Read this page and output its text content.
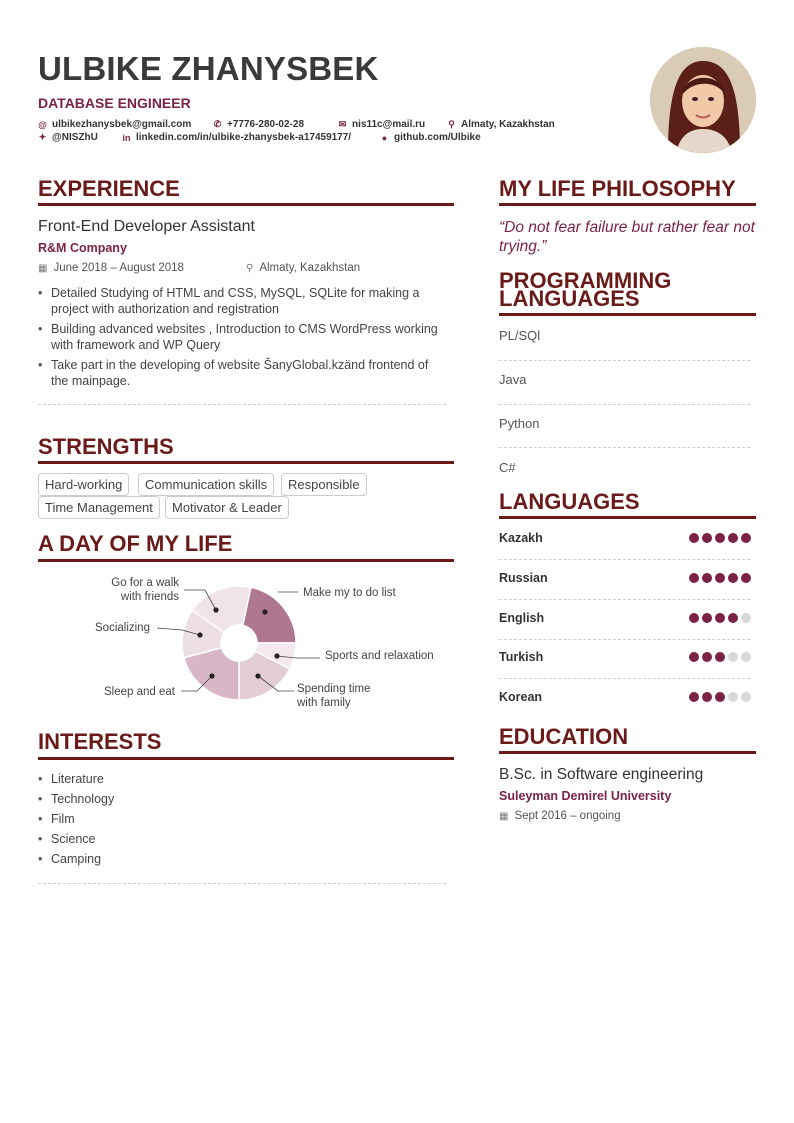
ULBIKE ZHANYSBEK
DATABASE ENGINEER
@ ulbikezhanysbek@gmail.com ✆ +7776-280-02-28	✉ nis11c@mail.ru	⚲ Almaty, Kazakhstan
✦ @NISZhU	in linkedin.com/in/ulbike-zhanysbek-a17459177/	● github.com/Ulbike
EXPERIENCE
Front-End Developer Assistant
R&M Company
▦ June 2018 – August 2018	⚲ Almaty, Kazakhstan
• Detailed Studying of HTML and CSS, MySQL, SQLite for making a project with authorization and registration
• Building advanced websites , Introduction to CMS WordPress working with framework and WP Query
• Take part in the developing of website ŠanyGlobal.kzänd frontend of the mainpage.
STRENGTHS
Hard-working	Communication skills	Responsible
Time Management	Motivator & Leader
A DAY OF MY LIFE
Go for a walk
with friends	Make my to do list
Socializing
Sports and relaxation
Sleep and eat	Spending time
with family
INTERESTS
• Literature
• Technology
• Film
• Science
• Camping
MY LIFE PHILOSOPHY
“Do not fear failure but rather fear not trying.”
PROGRAMMING
LANGUAGES
PL/SQl
Java
Python
C#
LANGUAGES
Kazakh
Russian
English
Turkish
Korean
EDUCATION
B.Sc. in Software engineering
Suleyman Demirel University
▦ Sept 2016 – ongoing
